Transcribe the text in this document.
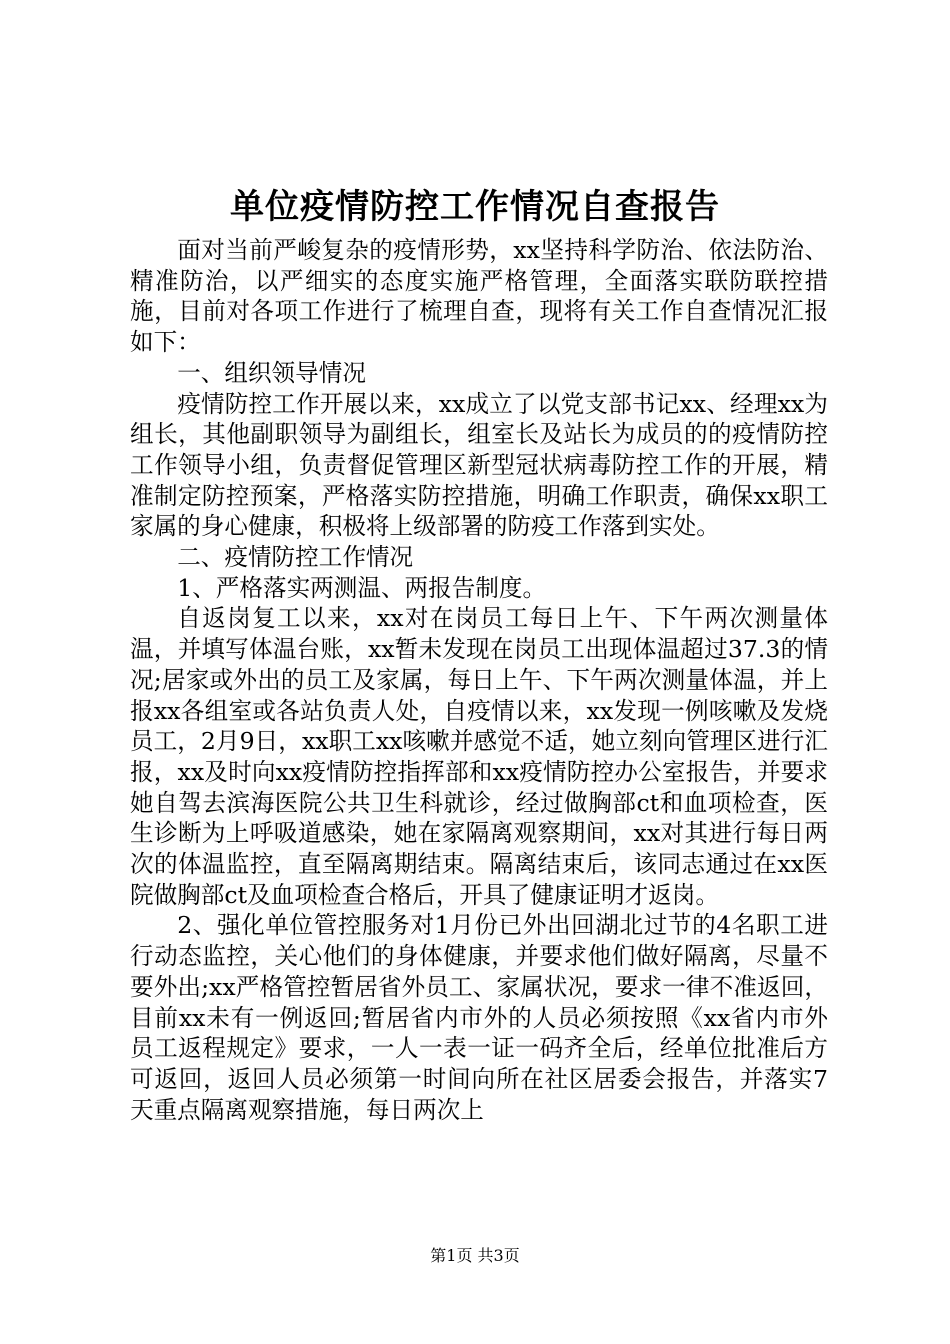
单位疫情防控工作情况自查报告

面对当前严峻复杂的疫情形势，xx坚持科学防治、依法防治、精准防治，以严细实的态度实施严格管理，全面落实联防联控措施，目前对各项工作进行了梳理自查，现将有关工作自查情况汇报如下：

一、组织领导情况

疫情防控工作开展以来，xx成立了以党支部书记xx、经理xx为组长，其他副职领导为副组长，组室长及站长为成员的的疫情防控工作领导小组，负责督促管理区新型冠状病毒防控工作的开展，精准制定防控预案，严格落实防控措施，明确工作职责，确保xx职工家属的身心健康，积极将上级部署的防疫工作落到实处。

二、疫情防控工作情况

1、严格落实两测温、两报告制度。

自返岗复工以来，xx对在岗员工每日上午、下午两次测量体温，并填写体温台账，xx暂未发现在岗员工出现体温超过37.3的情况;居家或外出的员工及家属，每日上午、下午两次测量体温，并上报xx各组室或各站负责人处，自疫情以来，xx发现一例咳嗽及发烧员工，2月9日，xx职工xx咳嗽并感觉不适，她立刻向管理区进行汇报，xx及时向xx疫情防控指挥部和xx疫情防控办公室报告，并要求她自驾去滨海医院公共卫生科就诊，经过做胸部ct和血项检查，医生诊断为上呼吸道感染，她在家隔离观察期间，xx对其进行每日两次的体温监控，直至隔离期结束。隔离结束后，该同志通过在xx医院做胸部ct及血项检查合格后，开具了健康证明才返岗。

2、强化单位管控服务对1月份已外出回湖北过节的4名职工进行动态监控，关心他们的身体健康，并要求他们做好隔离，尽量不要外出;xx严格管控暂居省外员工、家属状况，要求一律不准返回，目前xx未有一例返回;暂居省内市外的人员必须按照《xx省内市外员工返程规定》要求，一人一表一证一码齐全后，经单位批准后方可返回，返回人员必须第一时间向所在社区居委会报告，并落实7天重点隔离观察措施，每日两次上

第1页 共3页
